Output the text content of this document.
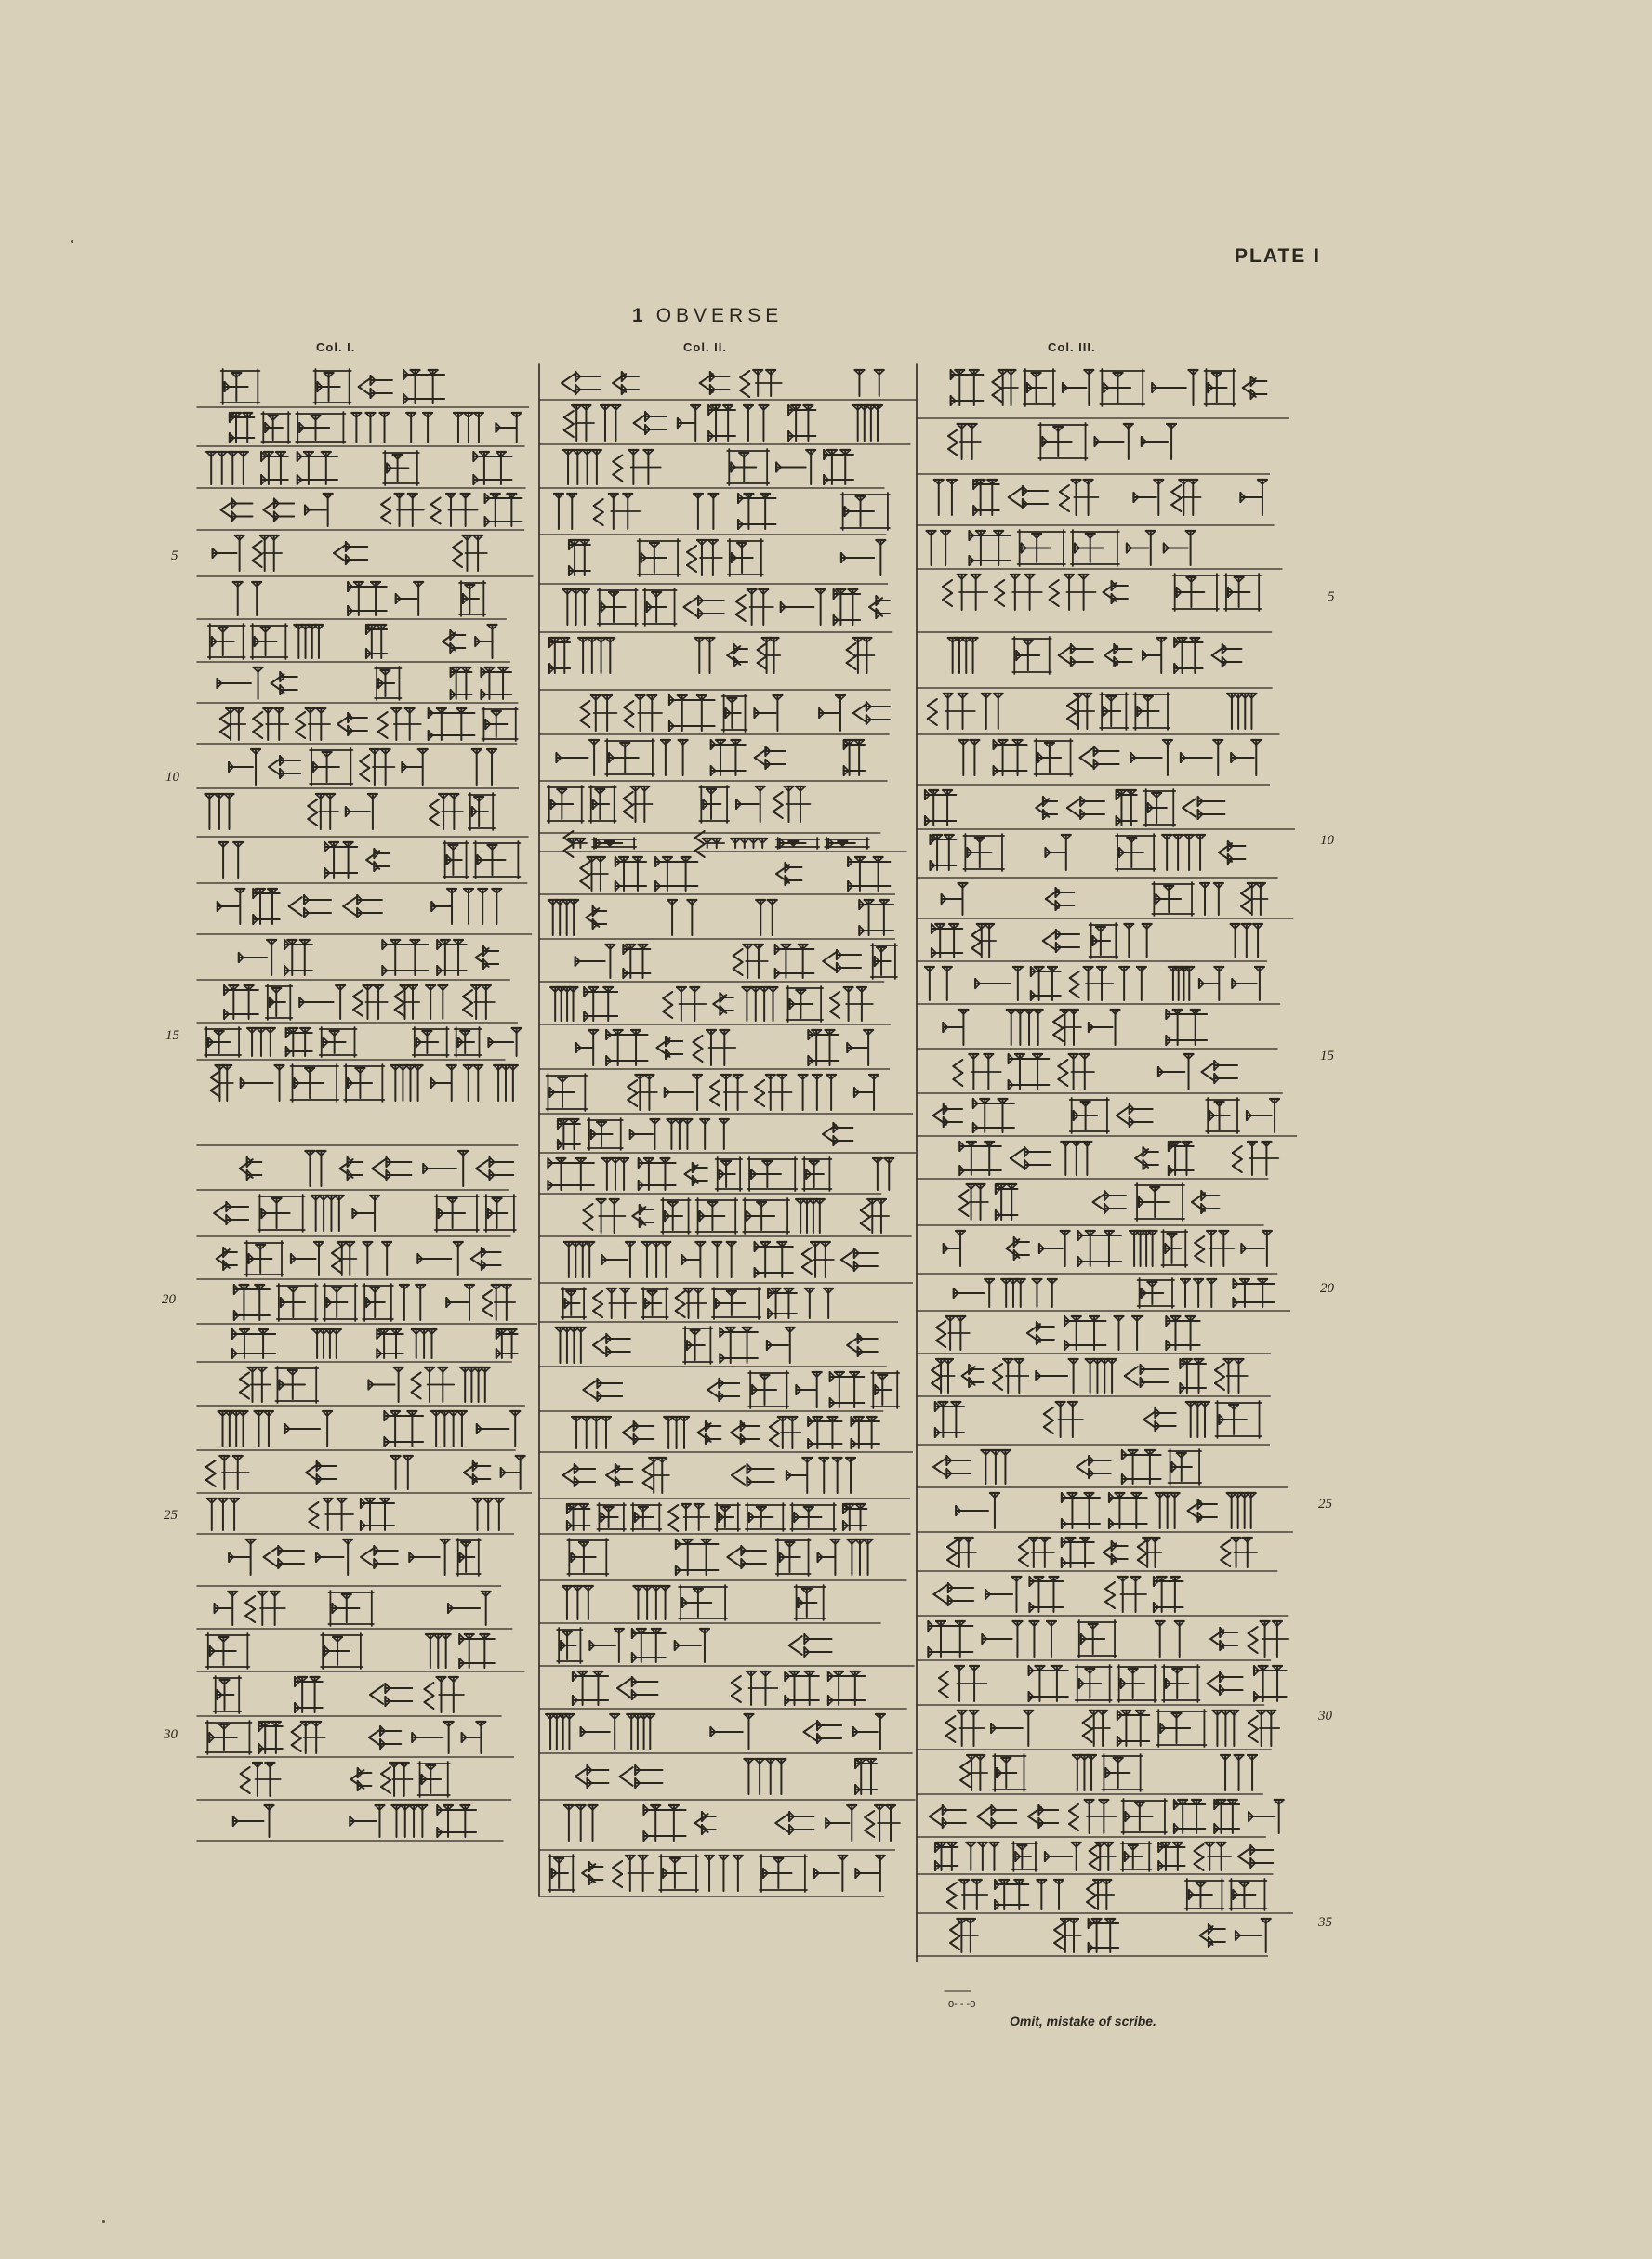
PLATE I
1 OBVERSE
Col. I.	Col. II.	Col. III.
5
10
15
20
25
30
5
10
15
20
25
30
35
o- - -o
Omit, mistake of scribe.
